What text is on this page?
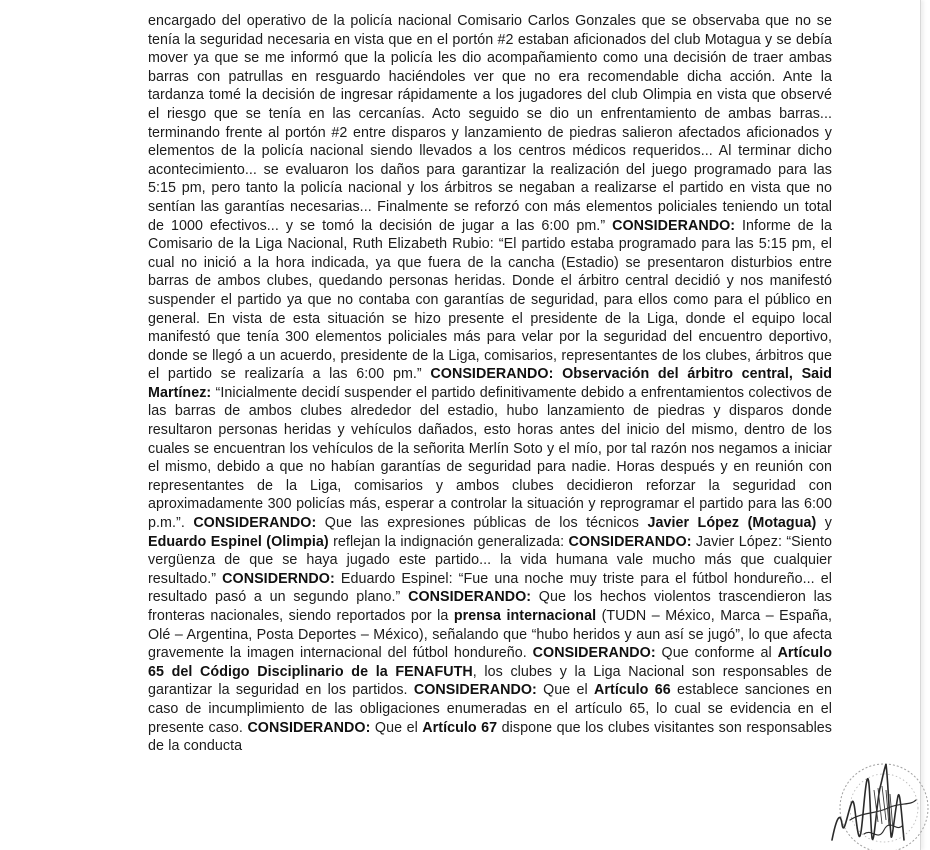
encargado del operativo de la policía nacional Comisario Carlos Gonzales que se observaba que no se tenía la seguridad necesaria en vista que en el portón #2 estaban aficionados del club Motagua y se debía mover ya que se me informó que la policía les dio acompañamiento como una decisión de traer ambas barras con patrullas en resguardo haciéndoles ver que no era recomendable dicha acción. Ante la tardanza tomé la decisión de ingresar rápidamente a los jugadores del club Olimpia en vista que observé el riesgo que se tenía en las cercanías. Acto seguido se dio un enfrentamiento de ambas barras... terminando frente al portón #2 entre disparos y lanzamiento de piedras salieron afectados aficionados y elementos de la policía nacional siendo llevados a los centros médicos requeridos... Al terminar dicho acontecimiento... se evaluaron los daños para garantizar la realización del juego programado para las 5:15 pm, pero tanto la policía nacional y los árbitros se negaban a realizarse el partido en vista que no sentían las garantías necesarias... Finalmente se reforzó con más elementos policiales teniendo un total de 1000 efectivos... y se tomó la decisión de jugar a las 6:00 pm.” CONSIDERANDO: Informe de la Comisario de la Liga Nacional, Ruth Elizabeth Rubio: “El partido estaba programado para las 5:15 pm, el cual no inició a la hora indicada, ya que fuera de la cancha (Estadio) se presentaron disturbios entre barras de ambos clubes, quedando personas heridas. Donde el árbitro central decidió y nos manifestó suspender el partido ya que no contaba con garantías de seguridad, para ellos como para el público en general. En vista de esta situación se hizo presente el presidente de la Liga, donde el equipo local manifestó que tenía 300 elementos policiales más para velar por la seguridad del encuentro deportivo, donde se llegó a un acuerdo, presidente de la Liga, comisarios, representantes de los clubes, árbitros que el partido se realizaría a las 6:00 pm.” CONSIDERANDO: Observación del árbitro central, Said Martínez: “Inicialmente decidí suspender el partido definitivamente debido a enfrentamientos colectivos de las barras de ambos clubes alrededor del estadio, hubo lanzamiento de piedras y disparos donde resultaron personas heridas y vehículos dañados, esto horas antes del inicio del mismo, dentro de los cuales se encuentran los vehículos de la señorita Merlín Soto y el mío, por tal razón nos negamos a iniciar el mismo, debido a que no habían garantías de seguridad para nadie. Horas después y en reunión con representantes de la Liga, comisarios y ambos clubes decidieron reforzar la seguridad con aproximadamente 300 policías más, esperar a controlar la situación y reprogramar el partido para las 6:00 p.m.”. CONSIDERANDO: Que las expresiones públicas de los técnicos Javier López (Motagua) y Eduardo Espinel (Olimpia) reflejan la indignación generalizada: CONSIDERANDO: Javier López: “Siento vergüenza de que se haya jugado este partido... la vida humana vale mucho más que cualquier resultado.” CONSIDERNDO: Eduardo Espinel: “Fue una noche muy triste para el fútbol hondureño... el resultado pasó a un segundo plano.” CONSIDERANDO: Que los hechos violentos trascendieron las fronteras nacionales, siendo reportados por la prensa internacional (TUDN – México, Marca – España, Olé – Argentina, Posta Deportes – México), señalando que “hubo heridos y aun así se jugó”, lo que afecta gravemente la imagen internacional del fútbol hondureño. CONSIDERANDO: Que conforme al Artículo 65 del Código Disciplinario de la FENAFUTH, los clubes y la Liga Nacional son responsables de garantizar la seguridad en los partidos. CONSIDERANDO: Que el Artículo 66 establece sanciones en caso de incumplimiento de las obligaciones enumeradas en el artículo 65, lo cual se evidencia en el presente caso. CONSIDERANDO: Que el Artículo 67 dispone que los clubes visitantes son responsables de la conducta
